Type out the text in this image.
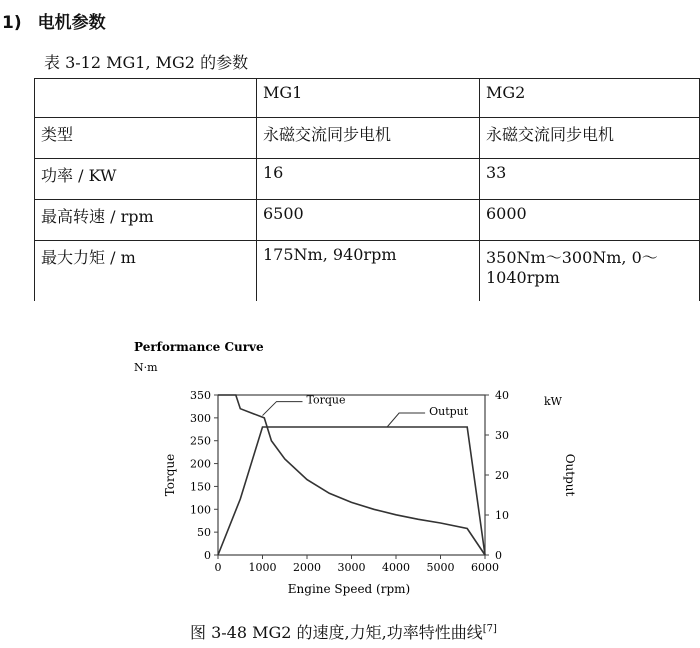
1) 电机参数
表 3-12 MG1, MG2 的参数
	MG1	MG2
类型	永磁交流同步电机	永磁交流同步电机
功率 / KW	16	33
最高转速 / rpm	6500	6000
最大力矩 / m	175Nm, 940rpm	350Nm～300Nm, 0～1040rpm
Performance Curve
N·m
kW
Torque	Output
Engine Speed (rpm)
0
50
100
150
200
250
300
350
0
10
20
30
40
0 1000 2000 3000 4000 5000 6000
Torque
Output
图 3-48 MG2 的速度,力矩,功率特性曲线[7]
